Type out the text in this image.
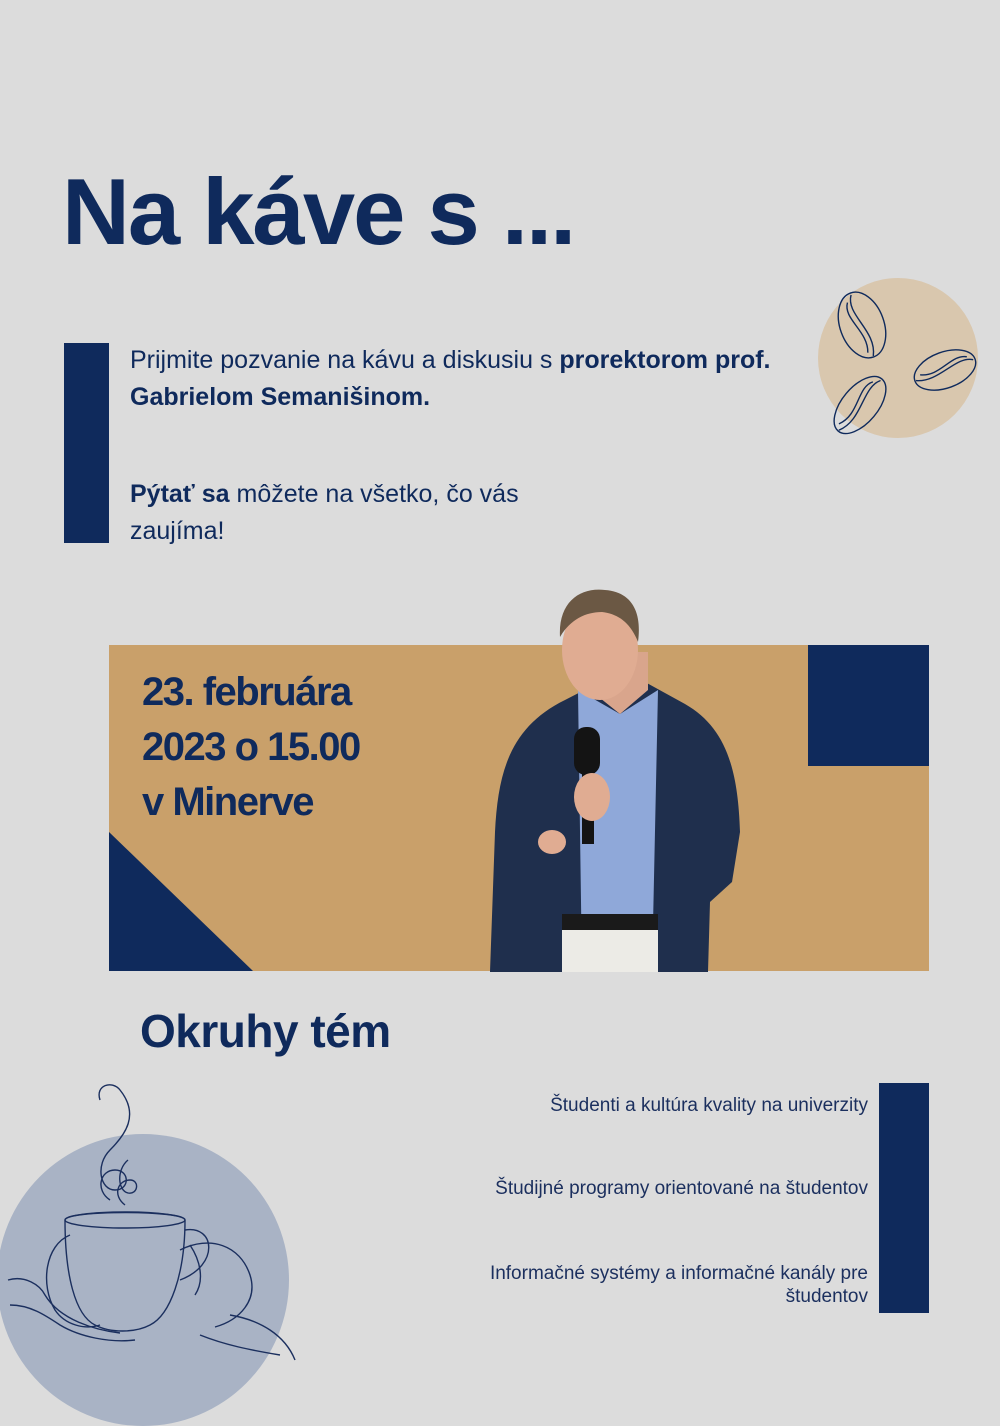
Na káve s ...

Prijmite pozvanie na kávu a diskusiu s prorektorom prof. Gabrielom Semanišinom.

Pýtať sa môžete na všetko, čo vás zaujíma!

23. februára
2023 o 15.00
v Minerve
Okruhy tém

Študenti a kultúra kvality na univerzity

Študijné programy orientované na študentov

Informačné systémy a informačné kanály pre študentov
